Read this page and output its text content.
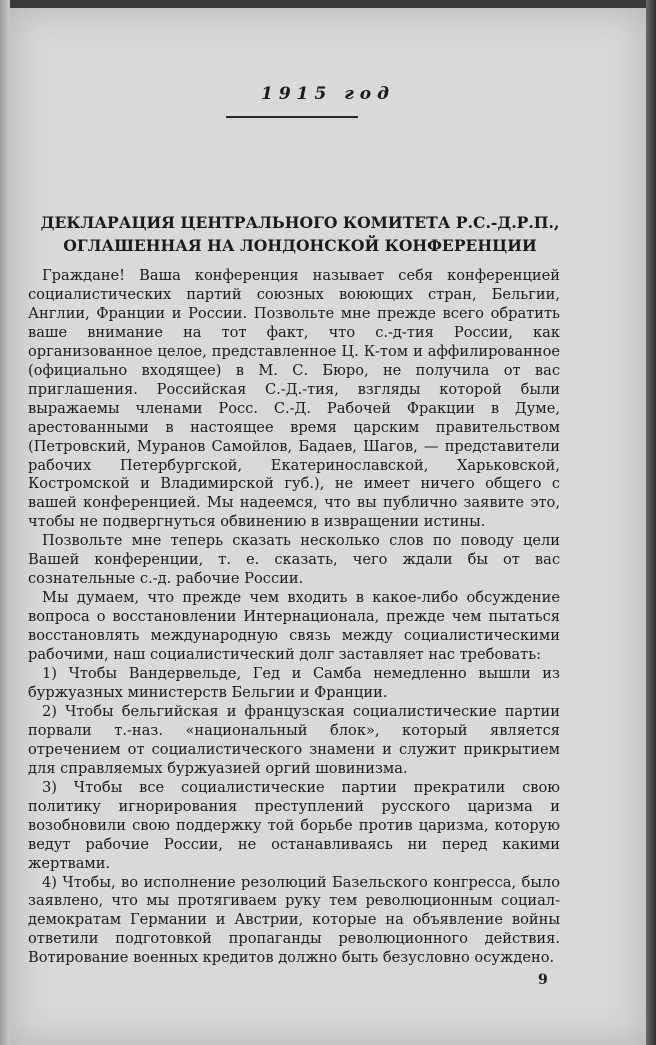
1915 год
ДЕКЛАРАЦИЯ ЦЕНТРАЛЬНОГО КОМИТЕТА Р.С.-Д.Р.П.,
ОГЛАШЕННАЯ НА ЛОНДОНСКОЙ КОНФЕРЕНЦИИ

Граждане! Ваша конференция называет себя конференцией социалистических партий союзных воюющих стран, Бельгии, Англии, Франции и России. Позвольте мне прежде всего обратить ваше внимание на тот факт, что с.-д-тия России, как организованное целое, представленное Ц. К-том и аффилированное (официально входящее) в М. С. Бюро, не получила от вас приглашения. Российская С.-Д.-тия, взгляды которой были выражаемы членами Росс. С.-Д. Рабочей Фракции в Думе, арестованными в настоящее время царским правительством (Петровский, Муранов Самойлов, Бадаев, Шагов, — представители рабочих Петербургской, Екатеринославской, Харьковской, Костромской и Владимирской губ.), не имеет ничего общего с вашей конференцией. Мы надеемся, что вы публично заявите это, чтобы не подвергнуться обвинению в извращении истины.

Позвольте мне теперь сказать несколько слов по поводу цели Вашей конференции, т. е. сказать, чего ждали бы от вас сознательные с.-д. рабочие России.

Мы думаем, что прежде чем входить в какое-либо обсуждение вопроса о восстановлении Интернационала, прежде чем пытаться восстановлять международную связь между социалистическими рабочими, наш социалистический долг заставляет нас требовать:

1) Чтобы Вандервельде, Гед и Самба немедленно вышли из буржуазных министерств Бельгии и Франции.

2) Чтобы бельгийская и французская социалистические партии порвали т.-наз. «национальный блок», который является отречением от социалистического знамени и служит прикрытием для справляемых буржуазией оргий шовинизма.

3) Чтобы все социалистические партии прекратили свою политику игнорирования преступлений русского царизма и возобновили свою поддержку той борьбе против царизма, которую ведут рабочие России, не останавливаясь ни перед какими жертвами.

4) Чтобы, во исполнение резолюций Базельского конгресса, было заявлено, что мы протягиваем руку тем революционным социал-демократам Германии и Австрии, которые на объявление войны ответили подготовкой пропаганды революционного действия. Вотирование военных кредитов должно быть безусловно осуждено.

9
